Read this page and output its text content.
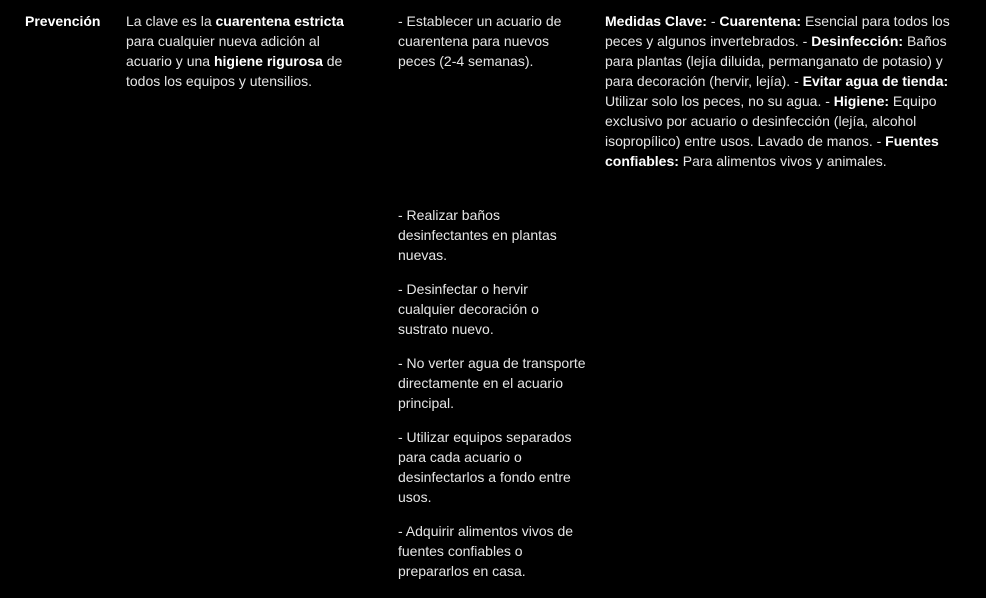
Prevención	La clave es la cuarentena estricta para cualquier nueva adición al acuario y una higiene rigurosa de todos los equipos y utensilios.

- Establecer un acuario de cuarentena para nuevos peces (2-4 semanas).

- Realizar baños desinfectantes en plantas nuevas.

- Desinfectar o hervir cualquier decoración o sustrato nuevo.

- No verter agua de transporte directamente en el acuario principal.

- Utilizar equipos separados para cada acuario o desinfectarlos a fondo entre usos.

- Adquirir alimentos vivos de fuentes confiables o prepararlos en casa.

Medidas Clave: - Cuarentena: Esencial para todos los peces y algunos invertebrados. - Desinfección: Baños para plantas (lejía diluida, permanganato de potasio) y para decoración (hervir, lejía). - Evitar agua de tienda: Utilizar solo los peces, no su agua. - Higiene: Equipo exclusivo por acuario o desinfección (lejía, alcohol isopropílico) entre usos. Lavado de manos. - Fuentes confiables: Para alimentos vivos y animales.
